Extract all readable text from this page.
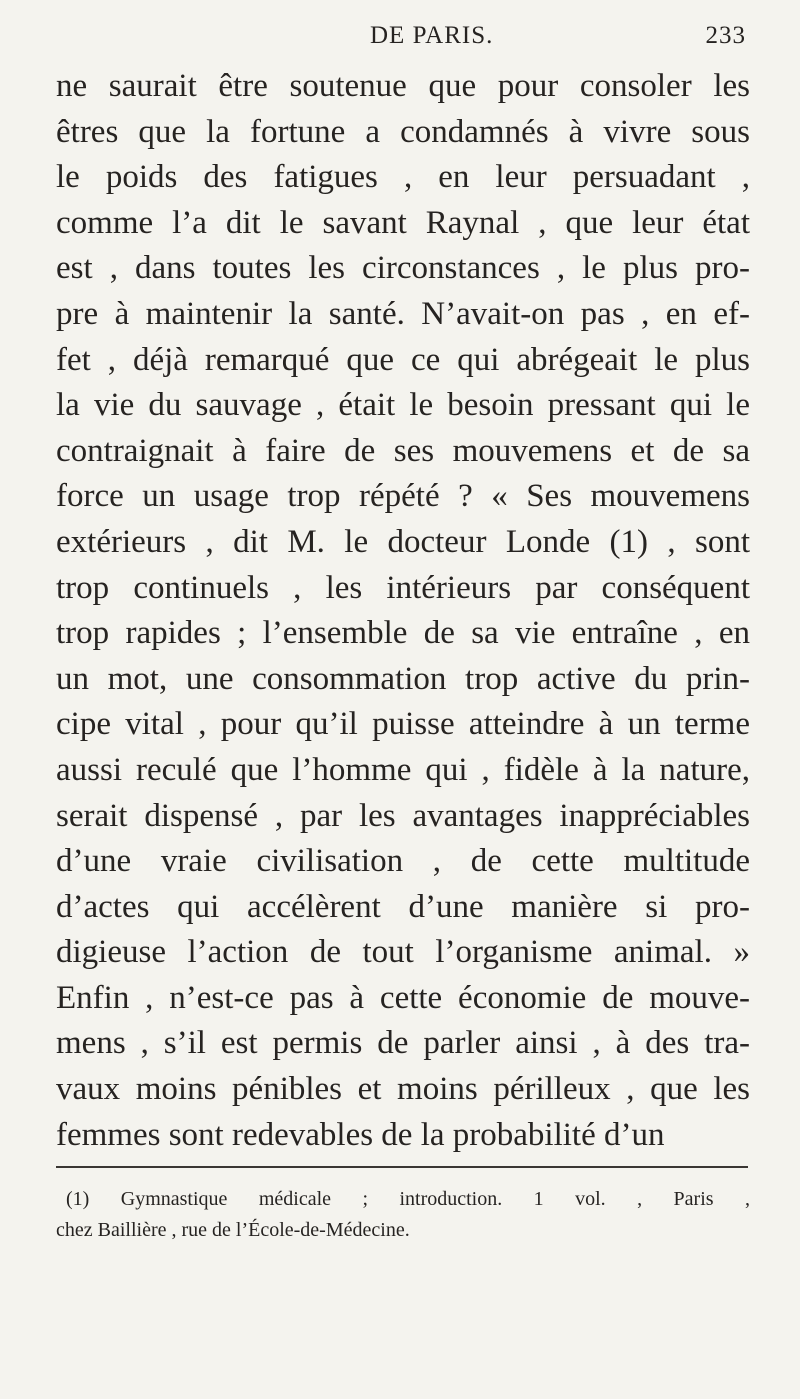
DE PARIS.	233
ne saurait être soutenue que pour consoler les
êtres que la fortune a condamnés à vivre sous
le poids des fatigues , en leur persuadant ,
comme l’a dit le savant Raynal , que leur état
est , dans toutes les circonstances , le plus pro-
pre à maintenir la santé. N’avait-on pas , en ef-
fet , déjà remarqué que ce qui abrégeait le plus
la vie du sauvage , était le besoin pressant qui le
contraignait à faire de ses mouvemens et de sa
force un usage trop répété ? « Ses mouvemens
extérieurs , dit M. le docteur Londe (1) , sont
trop continuels , les intérieurs par conséquent
trop rapides ; l’ensemble de sa vie entraîne , en
un mot, une consommation trop active du prin-
cipe vital , pour qu’il puisse atteindre à un terme
aussi reculé que l’homme qui , fidèle à la nature,
serait dispensé , par les avantages inappréciables
d’une vraie civilisation , de cette multitude
d’actes qui accélèrent d’une manière si pro-
digieuse l’action de tout l’organisme animal. »
Enfin , n’est-ce pas à cette économie de mouve-
mens , s’il est permis de parler ainsi , à des tra-
vaux moins pénibles et moins périlleux , que les
femmes sont redevables de la probabilité d’un
(1) Gymnastique médicale ; introduction. 1 vol. , Paris ,
chez Baillière , rue de l’École-de-Médecine.
